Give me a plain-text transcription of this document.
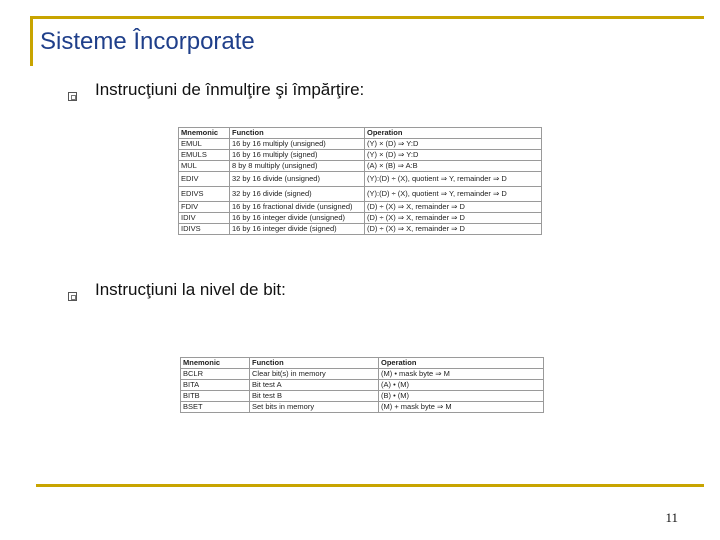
Sisteme Încorporate
Instrucţiuni de înmulţire şi împărţire:
Mnemonic	Function	Operation
EMUL	16 by 16 multiply (unsigned)	(Y) × (D) ⇒ Y:D
EMULS	16 by 16 multiply (signed)	(Y) × (D) ⇒ Y:D
MUL	8 by 8 multiply (unsigned)	(A) × (B) ⇒ A:B
EDIV	32 by 16 divide (unsigned)	(Y):(D) ÷ (X), quotient ⇒ Y, remainder ⇒ D
EDIVS	32 by 16 divide (signed)	(Y):(D) ÷ (X), quotient ⇒ Y, remainder ⇒ D
FDIV	16 by 16 fractional divide (unsigned)	(D) ÷ (X) ⇒ X, remainder ⇒ D
IDIV	16 by 16 integer divide (unsigned)	(D) ÷ (X) ⇒ X, remainder ⇒ D
IDIVS	16 by 16 integer divide (signed)	(D) ÷ (X) ⇒ X, remainder ⇒ D
Instrucţiuni la nivel de bit:
Mnemonic	Function	Operation
BCLR	Clear bit(s) in memory	(M) • mask byte ⇒ M
BITA	Bit test A	(A) • (M)
BITB	Bit test B	(B) • (M)
BSET	Set bits in memory	(M) + mask byte ⇒ M
11
